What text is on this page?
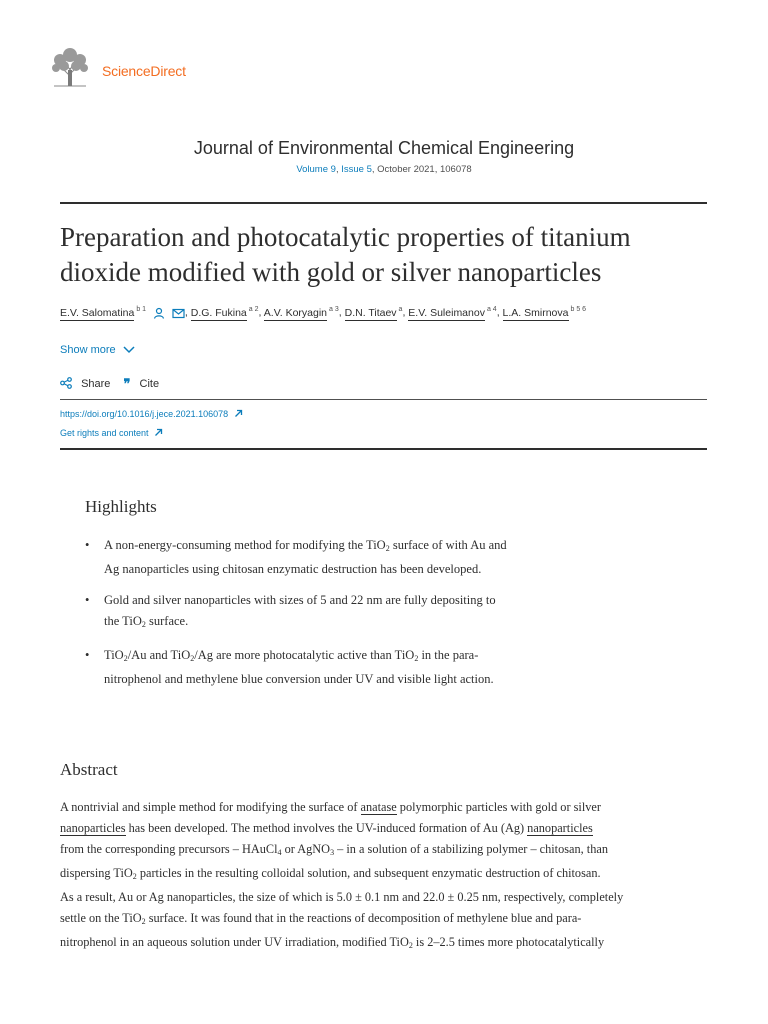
ScienceDirect
Journal of Environmental Chemical Engineering
Volume 9, Issue 5, October 2021, 106078
Preparation and photocatalytic properties of titanium
dioxide modified with gold or silver nanoparticles
E.V. Salomatina $^{b 1}$	, D.G. Fukina $^{a 2}$, A.V. Koryagin $^{a 3}$, D.N. Titaev $^a$, E.V. Suleimanov $^{a 4}$, L.A. Smirnova $^{b 5 6}$
Show more
Share ❞ Cite
https://doi.org/10.1016/j.jece.2021.106078
Get rights and content
Highlights
• A non-energy-consuming method for modifying the TiO$_2$ surface of with Au and
Ag nanoparticles using chitosan enzymatic destruction has been developed.
• Gold and silver nanoparticles with sizes of 5 and 22 nm are fully depositing to
the TiO$_2$ surface.
• TiO$_2$/Au and TiO$_2$/Ag are more photocatalytic active than TiO$_2$ in the para-
nitrophenol and methylene blue conversion under UV and visible light action.
Abstract
A nontrivial and simple method for modifying the surface of anatase polymorphic particles with gold or silver
nanoparticles has been developed. The method involves the UV-induced formation of Au (Ag) nanoparticles
from the corresponding precursors – HAuCl$_4$ or AgNO$_3$ – in a solution of a stabilizing polymer – chitosan, than
dispersing TiO$_2$ particles in the resulting colloidal solution, and subsequent enzymatic destruction of chitosan.
As a result, Au or Ag nanoparticles, the size of which is 5.0 ± 0.1 nm and 22.0 ± 0.25 nm, respectively, completely
settle on the TiO$_2$ surface. It was found that in the reactions of decomposition of methylene blue and para-
nitrophenol in an aqueous solution under UV irradiation, modified TiO$_2$ is 2–2.5 times more photocatalytically
